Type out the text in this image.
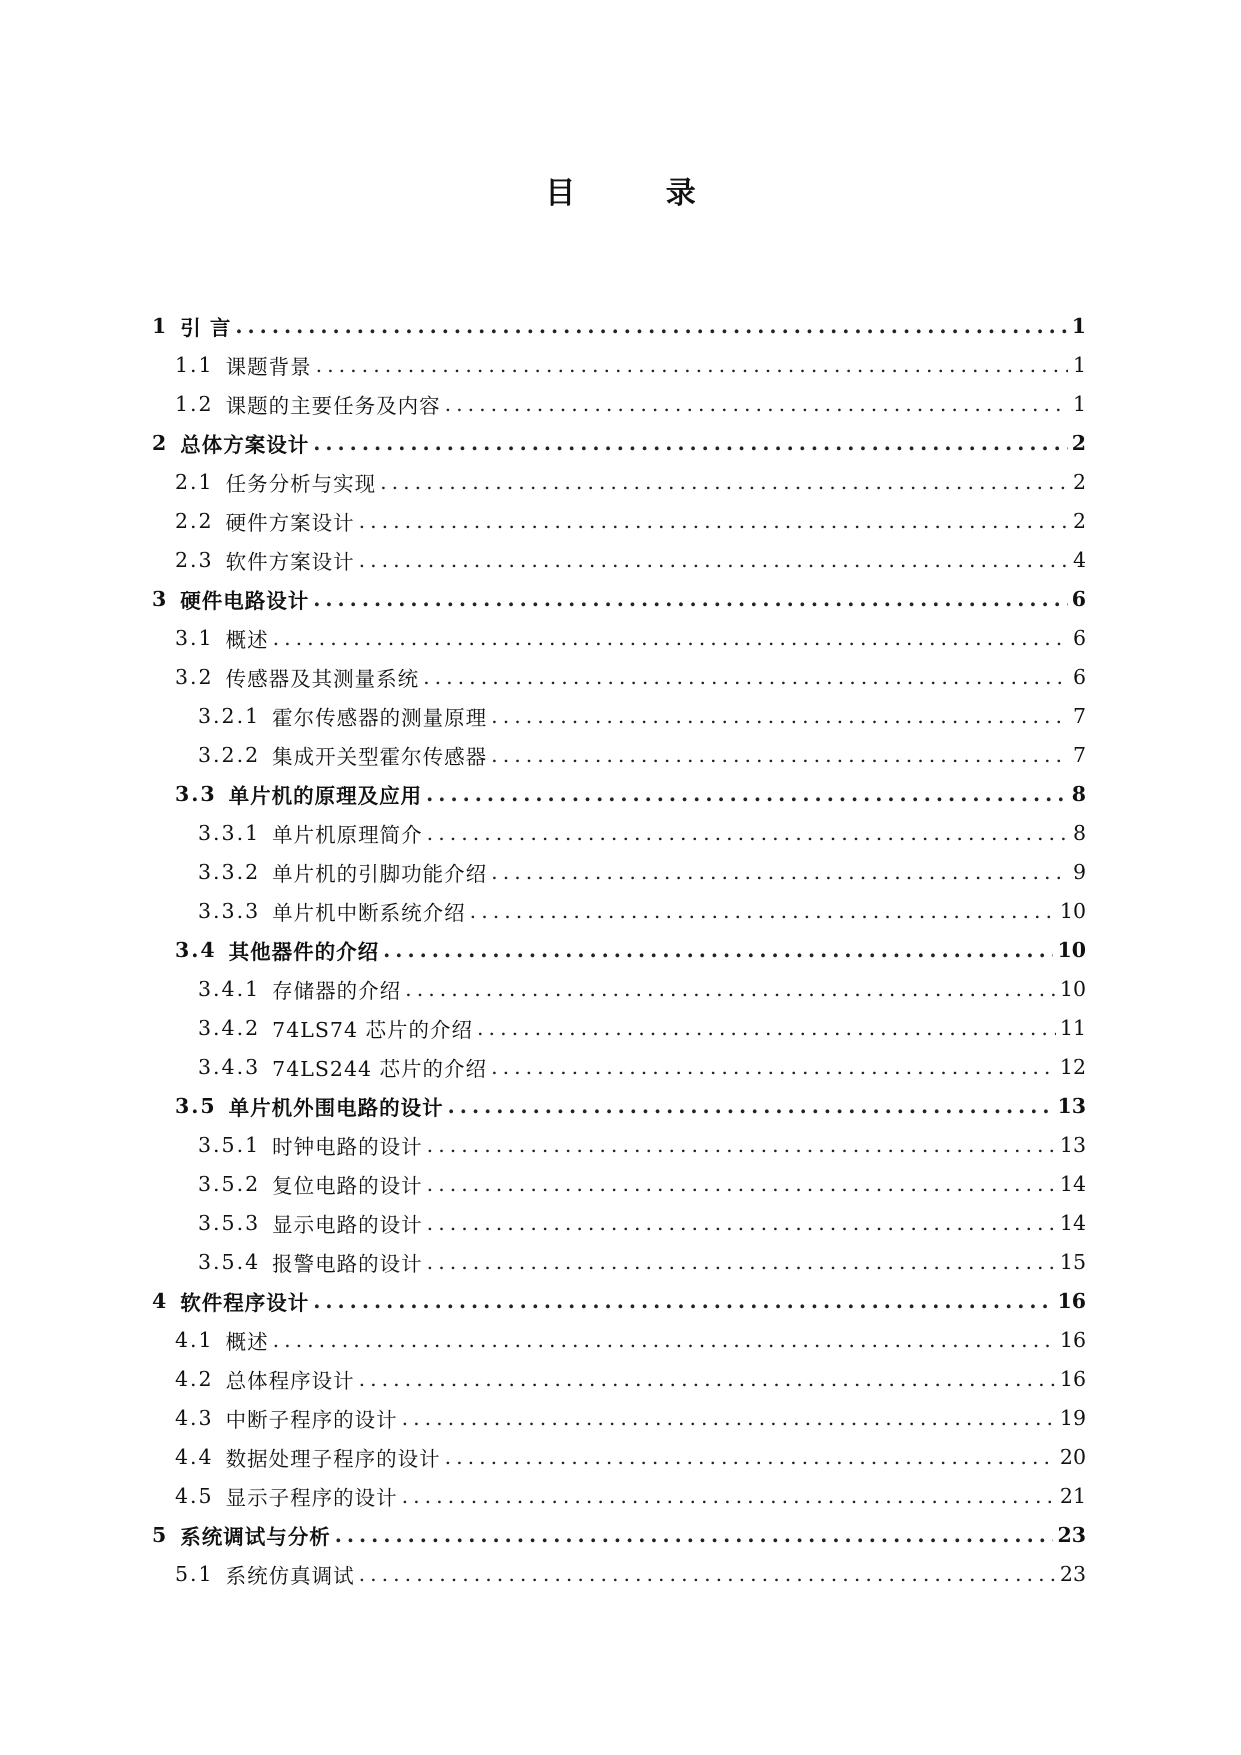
目 录
1 引 言 .....	1
1.1 课题背景 .....	1
1.2 课题的主要任务及内容 .....	1
2 总体方案设计 .....	2
2.1 任务分析与实现 .....	2
2.2 硬件方案设计 .....	2
2.3 软件方案设计 .....	4
3 硬件电路设计 .....	6
3.1 概述 .....	6
3.2 传感器及其测量系统 .....	6
3.2.1 霍尔传感器的测量原理 .....	7
3.2.2 集成开关型霍尔传感器 .....	7
3.3 单片机的原理及应用 .....	8
3.3.1 单片机原理简介 .....	8
3.3.2 单片机的引脚功能介绍 .....	9
3.3.3 单片机中断系统介绍 .....	10
3.4 其他器件的介绍 .....	10
3.4.1 存储器的介绍 .....	10
3.4.2 74LS74 芯片的介绍 .....	11
3.4.3 74LS244 芯片的介绍 .....	12
3.5 单片机外围电路的设计 .....	13
3.5.1 时钟电路的设计 .....	13
3.5.2 复位电路的设计 .....	14
3.5.3 显示电路的设计 .....	14
3.5.4 报警电路的设计 .....	15
4 软件程序设计 .....	16
4.1 概述 .....	16
4.2 总体程序设计 .....	16
4.3 中断子程序的设计 .....	19
4.4 数据处理子程序的设计 .....	20
4.5 显示子程序的设计 .....	21
5 系统调试与分析 .....	23
5.1 系统仿真调试 .....	23
